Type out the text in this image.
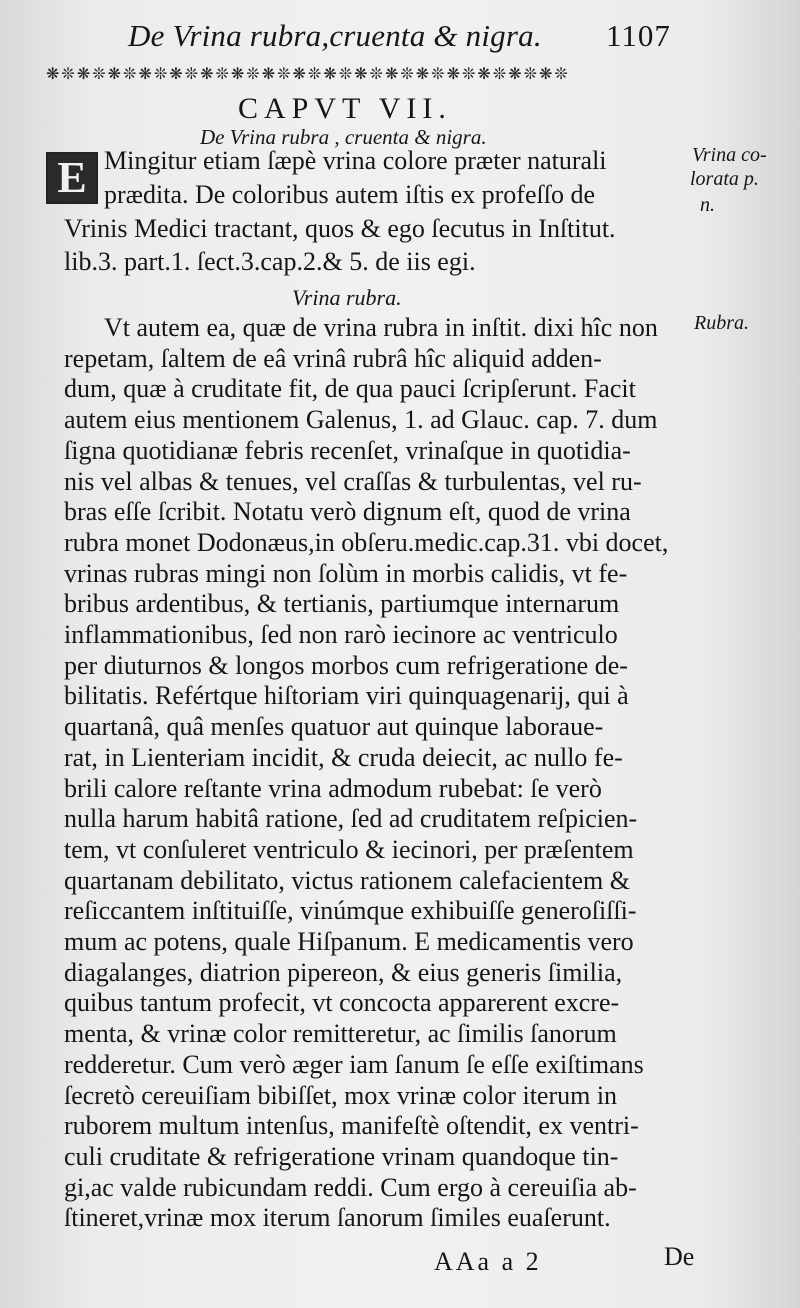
De Vrina rubra,cruenta & nigra. 1107
❋❊❋❊❋❊❋❊❋❊❋❊❋❊❋❊❋❊❋❊❋❊❋❊❋❊❋❊❋❊❋❊❋❊
CAPVT VII.
De Vrina rubra , cruenta & nigra.
E Mingitur etiam ſæpè vrina colore præter naturali
prædita. De coloribus autem iſtis ex profeſſo de
Vrinis Medici tractant, quos & ego ſecutus in Inſtitut.
lib.3. part.1. ſect.3.cap.2.& 5. de iis egi.
Vrina rubra.
Vt autem ea, quæ de vrina rubra in inſtit. dixi hîc non
repetam, ſaltem de eâ vrinâ rubrâ hîc aliquid adden-
dum, quæ à cruditate fit, de qua pauci ſcripſerunt. Facit
autem eius mentionem Galenus, 1. ad Glauc. cap. 7. dum
ſigna quotidianæ febris recenſet, vrinaſque in quotidia-
nis vel albas & tenues, vel craſſas & turbulentas, vel ru-
bras eſſe ſcribit. Notatu verò dignum eſt, quod de vrina
rubra monet Dodonæus,in obſeru.medic.cap.31. vbi docet,
vrinas rubras mingi non ſolùm in morbis calidis, vt fe-
bribus ardentibus, & tertianis, partiumque internarum
inflammationibus, ſed non rarò iecinore ac ventriculo
per diuturnos & longos morbos cum refrigeratione de-
bilitatis. Refértque hiſtoriam viri quinquagenarij, qui à
quartanâ, quâ menſes quatuor aut quinque laborauе-
rat, in Lienteriam incidit, & cruda deiecit, ac nullo fe-
brili calore reſtante vrina admodum rubebat: ſe verò
nulla harum habitâ ratione, ſed ad cruditatem reſpicien-
tem, vt conſuleret ventriculo & iecinori, per præſentem
quartanam debilitato, victus rationem calefacientem &
reſiccantem inſtituiſſe, vinúmque exhibuiſſe generoſiſſi-
mum ac potens, quale Hiſpanum. E medicamentis vero
diagalanges, diatrion pipereon, & eius generis ſimilia,
quibus tantum profecit, vt concocta apparerent excre-
menta, & vrinæ color remitteretur, ac ſimilis ſanorum
redderetur. Cum verò æger iam ſanum ſe eſſe exiſtimans
ſecretò cereuiſiam bibiſſet, mox vrinæ color iterum in
ruborem multum intenſus, manifeſtè oſtendit, ex ventri-
culi cruditate & refrigeratione vrinam quandoque tin-
Vrina co-
lorata p.
n.
Rubra.
AAa a 2	De
gi,ac valde rubicundam reddi. Cum ergo à cereuiſia ab-
ſtineret,vrinæ mox iterum ſanorum ſimiles euaſerunt.
